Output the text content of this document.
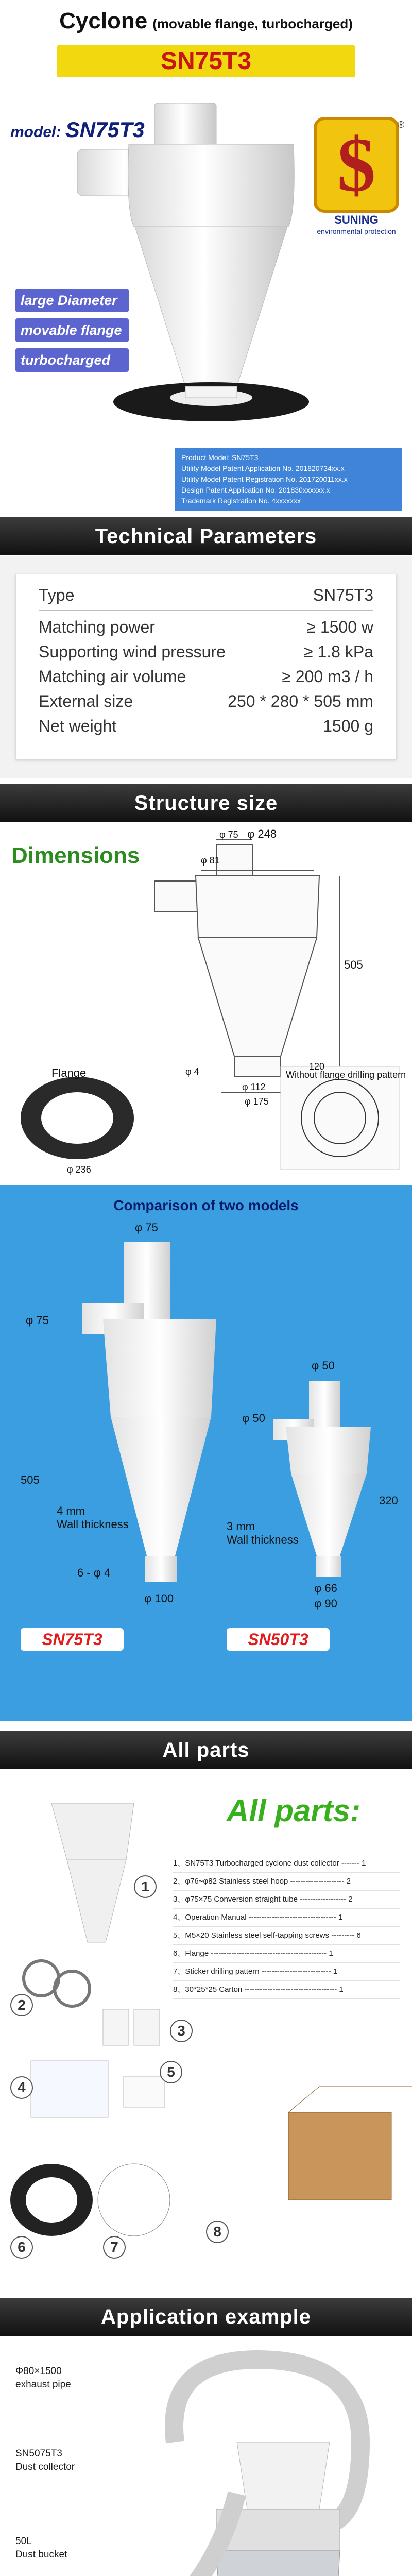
Cyclone (movable flange, turbocharged)
SN75T3
model: SN75T3 $ ®
SUNING
environmental protection
large Diameter
movable flange
turbocharged
Product Model: SN75T3
Utility Model Patent Application No. 201820734xx.x
Utility Model Patent Registration No. 201720011xx.x
Design Patent Application No. 201830xxxxxx.x
Trademark Registration No. 4xxxxxxx
Technical Parameters
Type	SN75T3
Matching power	≥ 1500 w
Supporting wind pressure	≥ 1.8 kPa
Matching air volume	≥ 200 m3 / h
External size	250 * 280 * 505 mm
Net weight	1500 g
Structure size
Dimensions
φ 248
φ 81
φ 75
505
φ 4
φ 112
φ 175
120
φ 236
Flange	Without flange drilling pattern
Comparison of two models
φ 75
φ 75
505
φ 100
6 - φ 4
φ 50
φ 50
320
φ 66
φ 90
4 mm
Wall thickness	3 mm
Wall thickness
SN75T3	SN50T3
All parts
All parts:
1、SN75T3 Turbocharged cyclone dust collector ------- 1
2、φ76~φ82 Stainless steel hoop --------------------- 2
3、φ75×75 Conversion straight tube ------------------ 2
4、Operation Manual ---------------------------------- 1
5、M5×20 Stainless steel self-tapping screws --------- 6
6、Flange --------------------------------------------- 1
7、Sticker drilling pattern --------------------------- 1
8、30*25*25 Carton ------------------------------------ 1
1
2
3
4
5
6	7
8
Application example
Φ80×1500
exhaust pipe
SN5075T3
Dust collector
50L
Dust bucket
